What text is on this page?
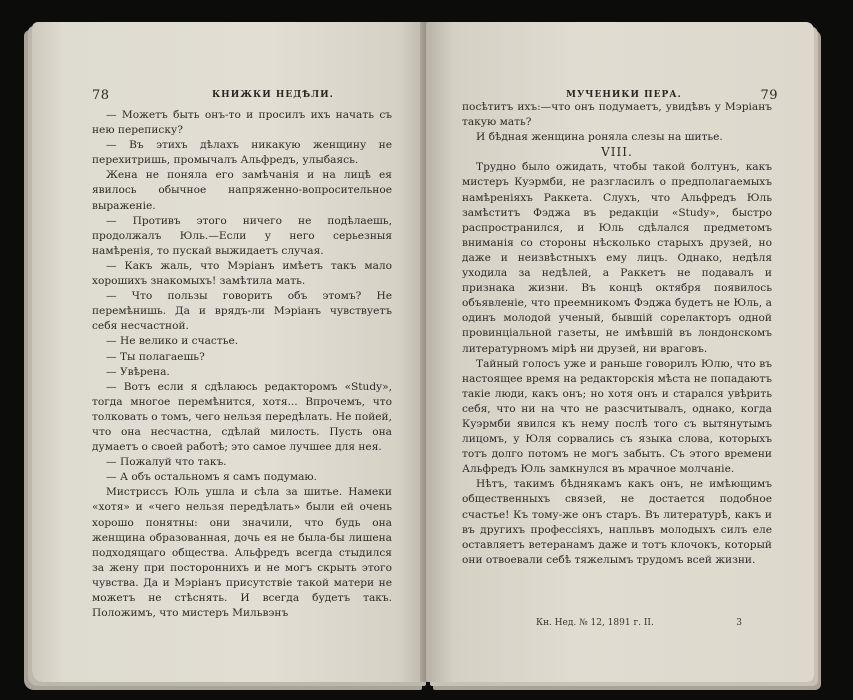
78	КНИЖКИ НЕДѢЛИ.

— Можетъ быть онъ-то и просилъ ихъ начать съ нею переписку?

— Въ этихъ дѣлахъ никакую женщину не перехитришь, промычалъ Альфредъ, улыбаясь.

Жена не поняла его замѣчанія и на лицѣ ея явилось обычное напряженно-вопросительное выраженіе.

— Противъ этого ничего не подѣлаешь, продолжалъ Юль.—Если у него серьезныя намѣренія, то пускай выжидаетъ случая.

— Какъ жаль, что Мэріанъ имѣетъ такъ мало хорошихъ знакомыхъ! замѣтила мать.

— Что пользы говорить объ этомъ? Не перемѣнишь. Да и врядъ-ли Мэріанъ чувствуетъ себя несчастной.

— Не велико и счастье.

— Ты полагаешь?

— Увѣрена.

— Вотъ если я сдѣлаюсь редакторомъ «Study», тогда многое перемѣнится, хотя... Впрочемъ, что толковать о томъ, чего нельзя передѣлать. Не пойей, что она несчастна, сдѣлай милость. Пусть она думаетъ о своей работѣ; это самое лучшее для нея.

— Пожалуй что такъ.

— А объ остальномъ я самъ подумаю.

Мистриссъ Юль ушла и сѣла за шитье. Намеки «хотя» и «чего нельзя передѣлать» были ей очень хорошо понятны: они значили, что будь она женщина образованная, дочь ея не была-бы лишена подходящаго общества. Альфредъ всегда стыдился за жену при постороннихъ и не могъ скрыть этого чувства. Да и Мэріанъ присутствіе такой матери не можетъ не стѣснять. И всегда будетъ такъ. Положимъ, что мистеръ Мильвэнъ

МУЧЕНИКИ ПЕРА.	79

посѣтитъ ихъ:—что онъ подумаетъ, увидѣвъ у Мэріанъ такую мать?

И бѣдная женщина роняла слезы на шитье.

VIII.

Трудно было ожидать, чтобы такой болтунъ, какъ мистеръ Куэрмби, не разгласилъ о предполагаемыхъ намѣреніяхъ Раккета. Слухъ, что Альфредъ Юль замѣститъ Фэджа въ редакціи «Study», быстро распространился, и Юль сдѣлался предметомъ вниманія со стороны нѣсколько старыхъ друзей, но даже и неизвѣстныхъ ему лицъ. Однако, недѣля уходила за недѣлей, а Раккетъ не подавалъ и признака жизни. Въ концѣ октября появилось объявленіе, что преемникомъ Фэджа будетъ не Юль, а одинъ молодой ученый, бывшій сорелакторъ одной провинціальной газеты, не имѣвшій въ лондонскомъ литературномъ мірѣ ни друзей, ни враговъ.

Тайный голосъ уже и раньше говорилъ Юлю, что въ настоящее время на редакторскія мѣста не попадаютъ такіе люди, какъ онъ; но хотя онъ и старался увѣрить себя, что ни на что не разсчитывалъ, однако, когда Куэрмби явился къ нему послѣ того съ вытянутымъ лицомъ, у Юля сорвались съ языка слова, которыхъ тотъ долго потомъ не могъ забыть. Съ этого времени Альфредъ Юль замкнулся въ мрачное молчаніе.

Нѣтъ, такимъ бѣднякамъ какъ онъ, не имѣющимъ общественныхъ связей, не достается подобное счастье! Къ тому-же онъ старъ. Въ литературѣ, какъ и въ другихъ профессіяхъ, напльвъ молодыхъ силъ еле оставляетъ ветеранамъ даже и тотъ клочокъ, который они отвоевали себѣ тяжелымъ трудомъ всей жизни.

Кн. Нед. № 12, 1891 г. II.	3
